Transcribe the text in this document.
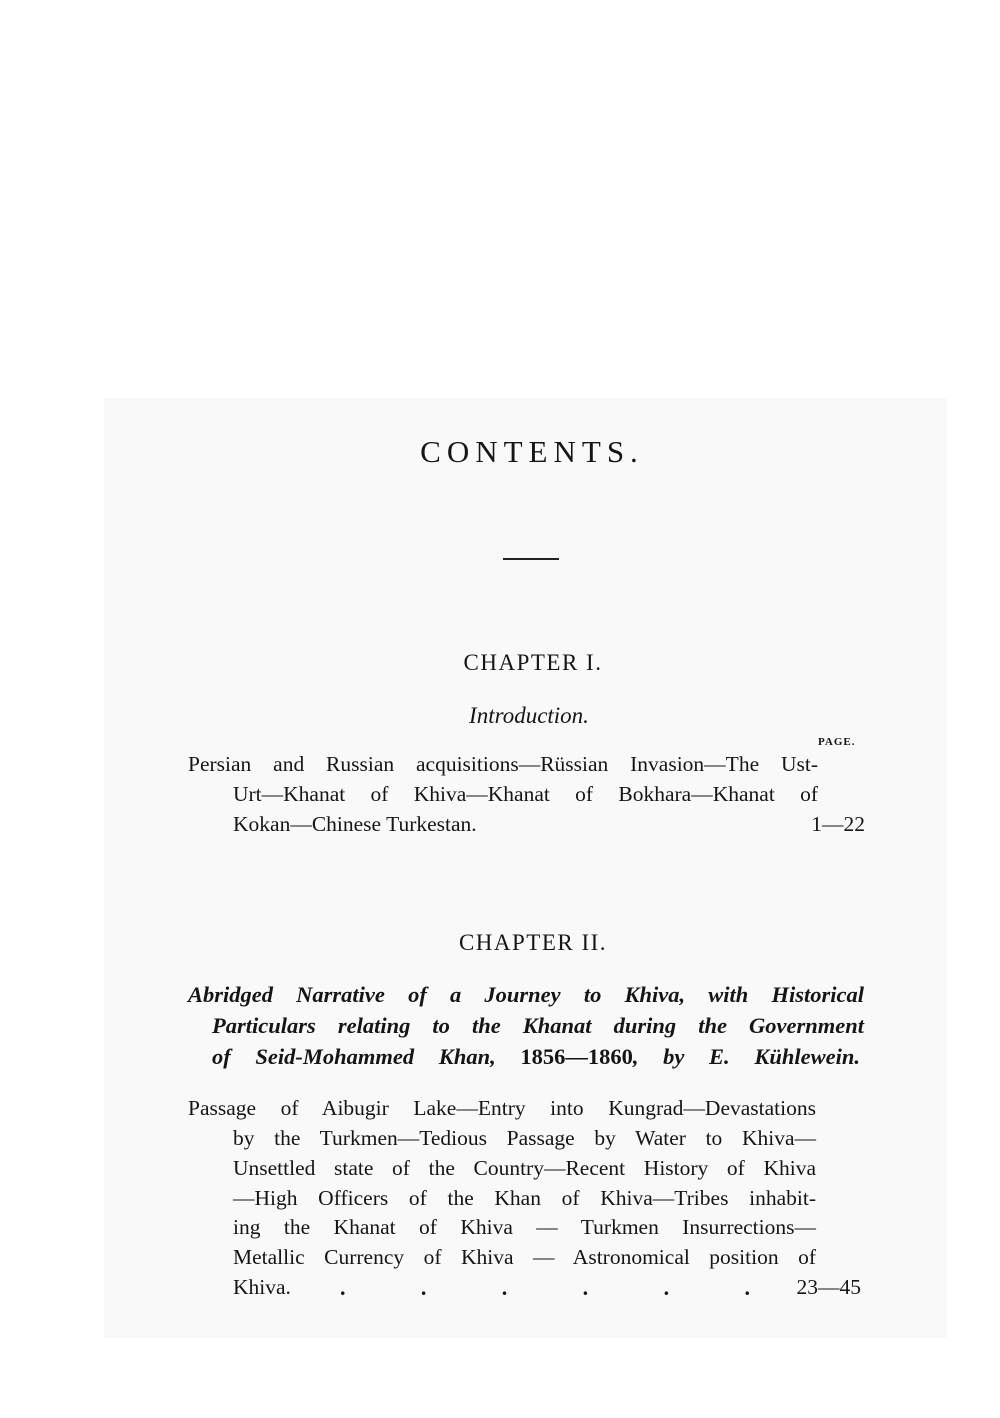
CONTENTS.
CHAPTER I.
Introduction.
PAGE.
Persian and Russian acquisitions—Rüssian Invasion—The Ust-
Urt—Khanat of Khiva—Khanat of Bokhara—Khanat of
Kokan—Chinese Turkestan.	1—22
CHAPTER II.
Abridged Narrative of a Journey to Khiva, with Historical
Particulars relating to the Khanat during the Government
of Seid-Mohammed Khan, 1856—1860, by E. Kühlewein.
Passage of Aibugir Lake—Entry into Kungrad—Devastations
by the Turkmen—Tedious Passage by Water to Khiva—
Unsettled state of the Country—Recent History of Khiva
—High Officers of the Khan of Khiva—Tribes inhabit-
ing the Khanat of Khiva — Turkmen Insurrections—
Metallic Currency of Khiva — Astronomical position of
Khiva. .	.	.	.	.	. 23—45
